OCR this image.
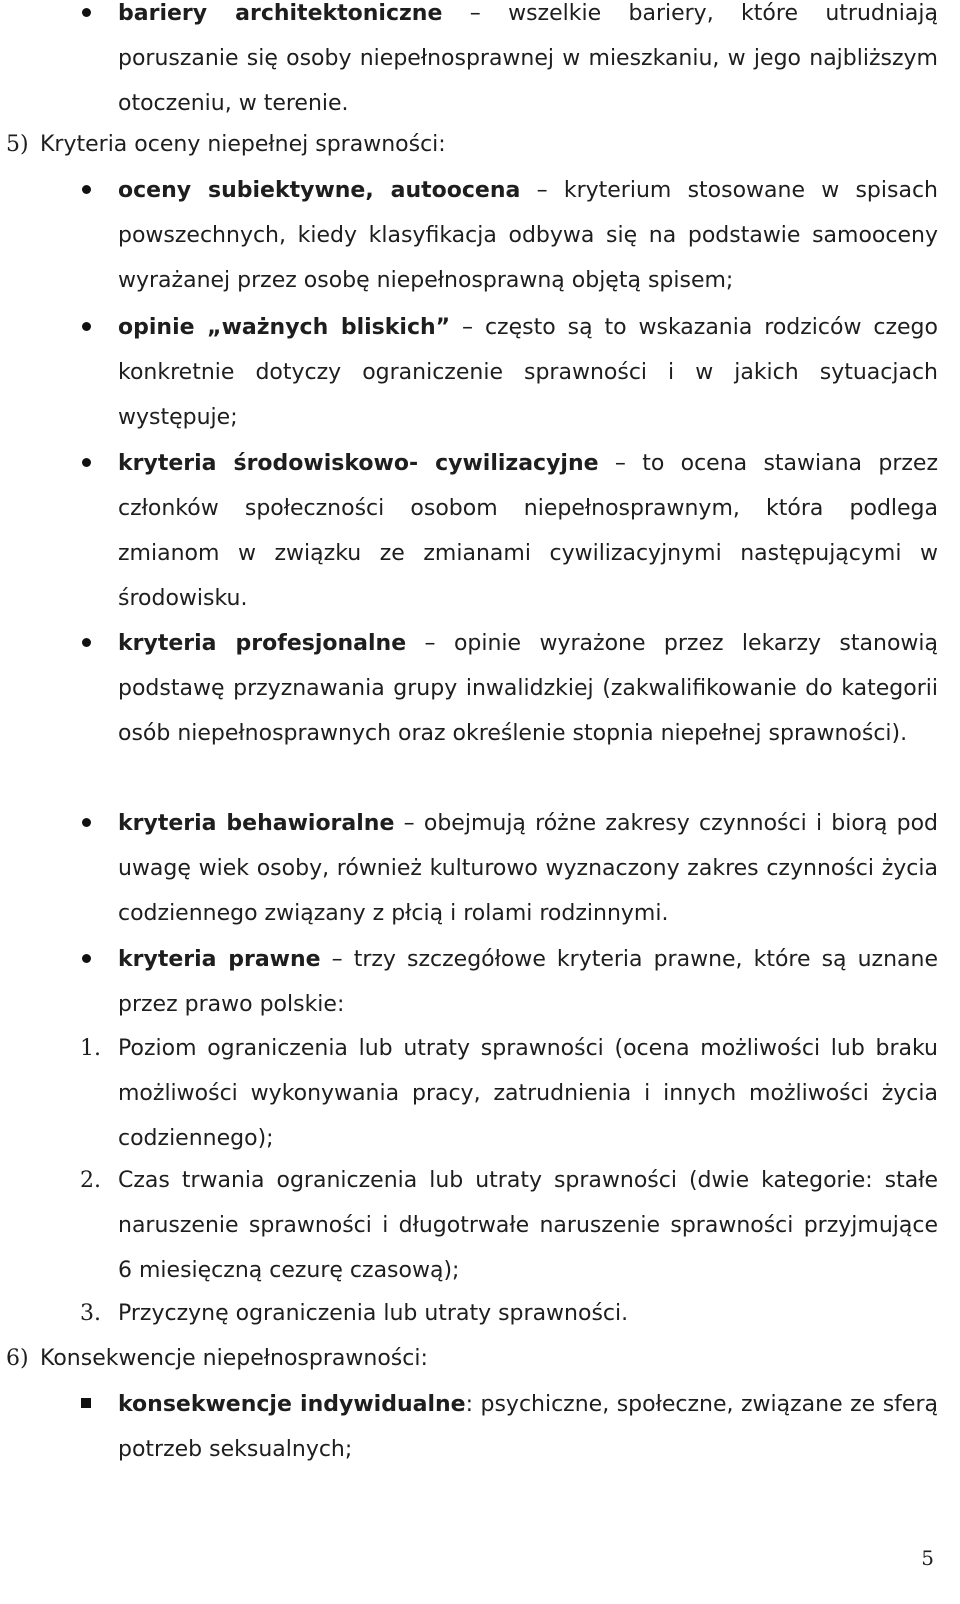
bariery architektoniczne – wszelkie bariery, które utrudniają poruszanie się osoby niepełnosprawnej w mieszkaniu, w jego najbliższym otoczeniu, w terenie.

5) Kryteria oceny niepełnej sprawności:

oceny subiektywne, autoocena – kryterium stosowane w spisach powszechnych, kiedy klasyfikacja odbywa się na podstawie samooceny wyrażanej przez osobę niepełnosprawną objętą spisem;

opinie „ważnych bliskich” – często są to wskazania rodziców czego konkretnie dotyczy ograniczenie sprawności i w jakich sytuacjach występuje;

kryteria środowiskowo- cywilizacyjne – to ocena stawiana przez członków społeczności osobom niepełnosprawnym, która podlega zmianom w związku ze zmianami cywilizacyjnymi następującymi w środowisku.

kryteria profesjonalne – opinie wyrażone przez lekarzy stanowią podstawę przyznawania grupy inwalidzkiej (zakwalifikowanie do kategorii osób niepełnosprawnych oraz określenie stopnia niepełnej sprawności).

kryteria behawioralne – obejmują różne zakresy czynności i biorą pod uwagę wiek osoby, również kulturowo wyznaczony zakres czynności życia codziennego związany z płcią i rolami rodzinnymi.

kryteria prawne – trzy szczegółowe kryteria prawne, które są uznane przez prawo polskie:

1. Poziom ograniczenia lub utraty sprawności (ocena możliwości lub braku możliwości wykonywania pracy, zatrudnienia i innych możliwości życia codziennego);

2. Czas trwania ograniczenia lub utraty sprawności (dwie kategorie: stałe naruszenie sprawności i długotrwałe naruszenie sprawności przyjmujące 6 miesięczną cezurę czasową);

3. Przyczynę ograniczenia lub utraty sprawności.

6) Konsekwencje niepełnosprawności:

konsekwencje indywidualne: psychiczne, społeczne, związane ze sferą potrzeb seksualnych;

5
